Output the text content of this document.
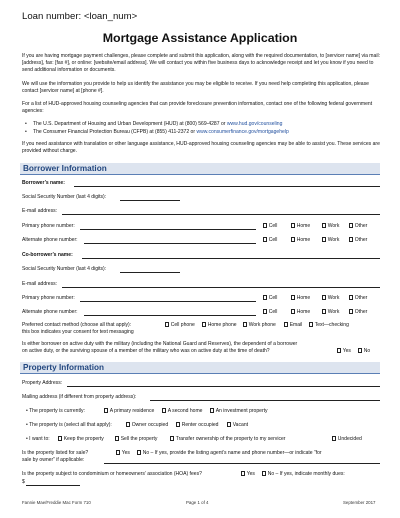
Loan number: <loan_num>
Mortgage Assistance Application
If you are having mortgage payment challenges, please complete and submit this application, along with the required documentation, to [servicer name] via mail: [address], fax: [fax #], or online: [website/email address]. We will contact you within five business days to acknowledge receipt and let you know if you need to send additional information or documents.
We will use the information you provide to help us identify the assistance you may be eligible to receive. If you need help completing this application, please contact [servicer name] at [phone #].
For a list of HUD-approved housing counseling agencies that can provide foreclosure prevention information, contact one of the following federal government agencies:
• The U.S. Department of Housing and Urban Development (HUD) at (800) 569-4287 or www.hud.gov/counseling
• The Consumer Financial Protection Bureau (CFPB) at (855) 411-2372 or www.consumerfinance.gov/mortgagehelp
If you need assistance with translation or other language assistance, HUD-approved housing counseling agencies may be able to assist you. These services are provided without charge.
Borrower Information
Borrower’s name:
Social Security Number (last 4 digits):
E-mail address:
Primary phone number:	Cell	Home	Work	Other
Alternate phone number:	Cell	Home	Work	Other
Co-borrower’s name:
Social Security Number (last 4 digits):
E-mail address:
Primary phone number:	Cell	Home	Work	Other
Alternate phone number:	Cell	Home	Work	Other
Preferred contact method (choose all that apply):	Cell phone	Home phone	Work phone	Email	Text—checking
this box indicates your consent for text messaging
Is either borrower on active duty with the military (including the National Guard and Reserves), the dependent of a borrower
on active duty, or the surviving spouse of a member of the military who was on active duty at the time of death?	Yes	No
Property Information
Property Address:
Mailing address (if different from property address):
• The property is currently:	A primary residence	A second home	An investment property
• The property is (select all that apply):	Owner occupied	Renter occupied	Vacant
• I want to:	Keep the property	Sell the property	Transfer ownership of the property to my servicer	Undecided
Is the property listed for sale?	Yes	No – If yes, provide the listing agent’s name and phone number—or indicate “for
sale by owner” if applicable:
Is the property subject to condominium or homeowners’ association (HOA) fees?	Yes	No – If yes, indicate monthly dues:
$
Fannie Mae/Freddie Mac Form 710	Page 1 of 4	September 2017
